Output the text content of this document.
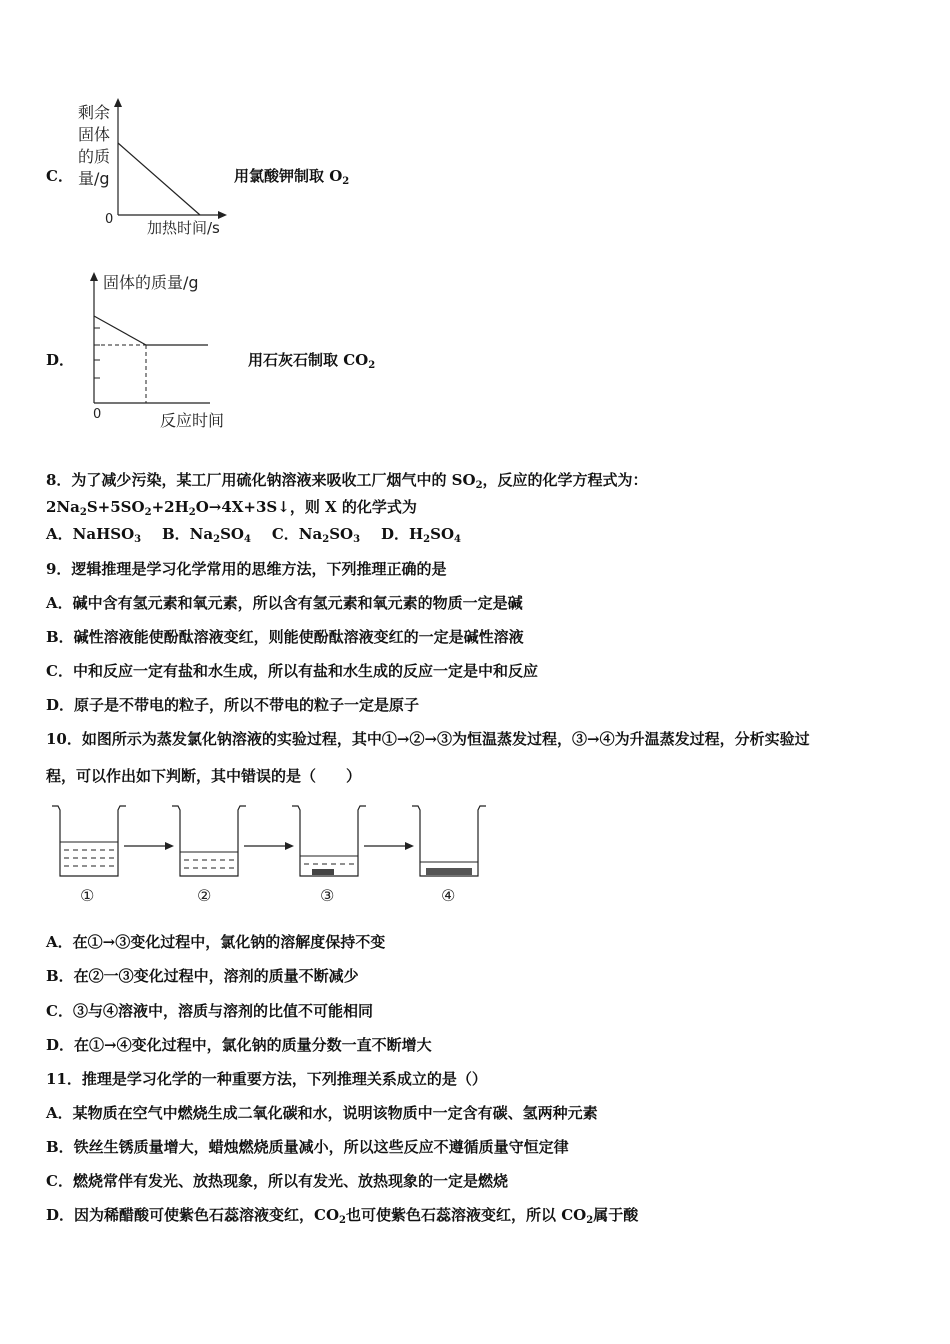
C．
剩余
固体
的质
量/g
0 加热时间/s
用氯酸钾制取 $O_2$
D．
固体的质量/g
0	反应时间
用石灰石制取 $CO_2$
8．为了减少污染，某工厂用硫化钠溶液来吸收工厂烟气中的 $SO_2$，反应的化学方程式为：
$2Na_2S+5SO_2+2H_2O\to 4X+3S↓$，则 X 的化学式为
A．NaHSO$_3$ B．$Na_2SO_4$ C．$Na_2SO_3$ D．$H_2SO_4$
9．逻辑推理是学习化学常用的思维方法，下列推理正确的是
A．碱中含有氢元素和氧元素，所以含有氢元素和氧元素的物质一定是碱
B．碱性溶液能使酚酞溶液变红，则能使酚酞溶液变红的一定是碱性溶液
C．中和反应一定有盐和水生成，所以有盐和水生成的反应一定是中和反应
D．原子是不带电的粒子，所以不带电的粒子一定是原子
10．如图所示为蒸发氯化钠溶液的实验过程，其中①→②→③为恒温蒸发过程，③→④为升温蒸发过程，分析实验过
程，可以作出如下判断，其中错误的是（　　）
①	②	③	④
A．在①→③变化过程中，氯化钠的溶解度保持不变
B．在②一③变化过程中，溶剂的质量不断减少
C．③与④溶液中，溶质与溶剂的比值不可能相同
D．在①→④变化过程中，氯化钠的质量分数一直不断增大
11．推理是学习化学的一种重要方法，下列推理关系成立的是（）
A．某物质在空气中燃烧生成二氧化碳和水，说明该物质中一定含有碳、氢两种元素
B．铁丝生锈质量增大，蜡烛燃烧质量减小，所以这些反应不遵循质量守恒定律
C．燃烧常伴有发光、放热现象，所以有发光、放热现象的一定是燃烧
D．因为稀醋酸可使紫色石蕊溶液变红，$CO_2$也可使紫色石蕊溶液变红，所以 $CO_2$属于酸
